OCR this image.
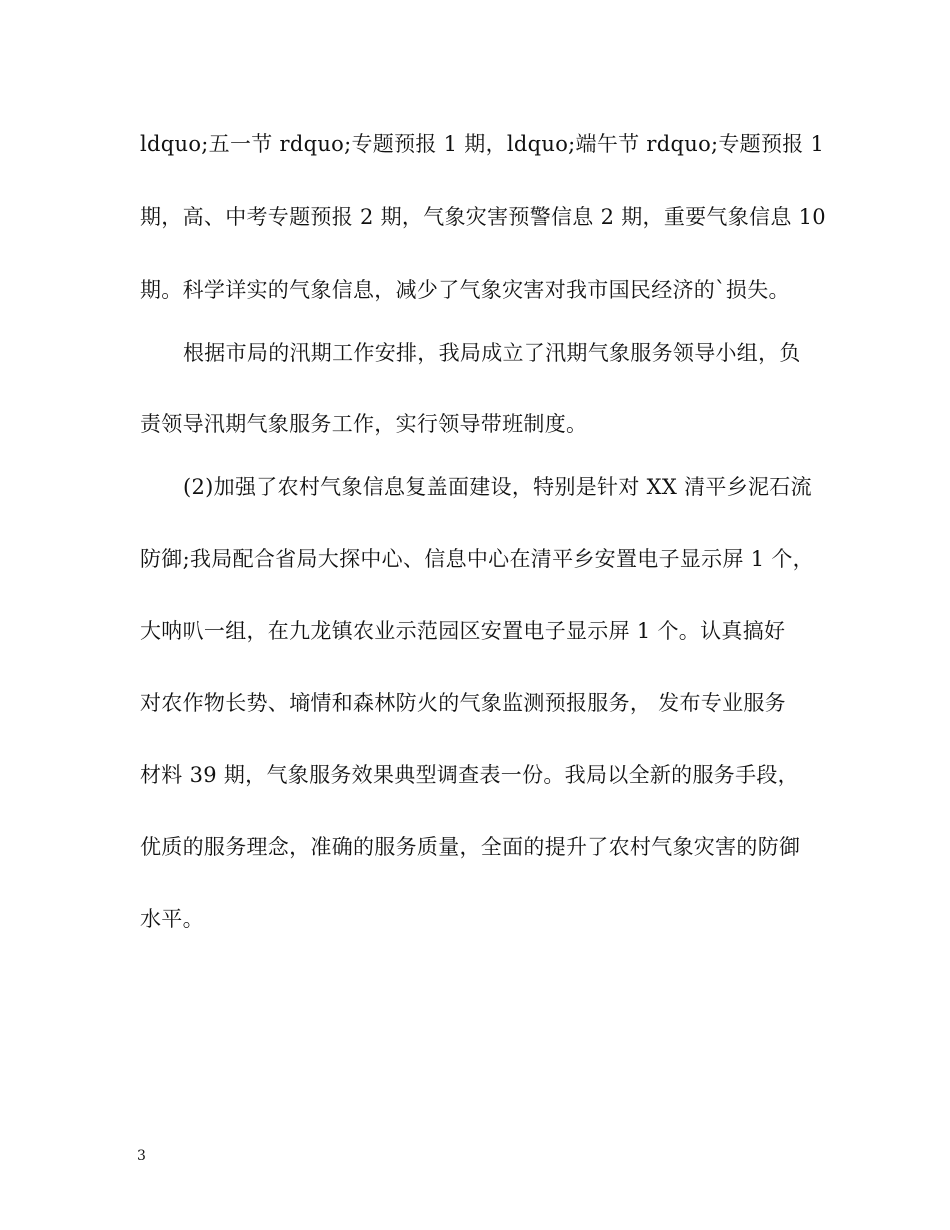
ldquo;五一节 rdquo;专题预报 1 期，ldquo;端午节 rdquo;专题预报 1
期，高、中考专题预报 2 期，气象灾害预警信息 2 期，重要气象信息 10
期。科学详实的气象信息，减少了气象灾害对我市国民经济的`损失。
根据市局的汛期工作安排，我局成立了汛期气象服务领导小组，负
责领导汛期气象服务工作，实行领导带班制度。
(2)加强了农村气象信息复盖面建设，特别是针对 XX 清平乡泥石流
防御;我局配合省局大探中心、信息中心在清平乡安置电子显示屏 1 个，
大呐叭一组，在九龙镇农业示范园区安置电子显示屏 1 个。认真搞好
对农作物长势、墒情和森林防火的气象监测预报服务， 发布专业服务
材料 39 期，气象服务效果典型调查表一份。我局以全新的服务手段，
优质的服务理念，准确的服务质量，全面的提升了农村气象灾害的防御
水平。
3
